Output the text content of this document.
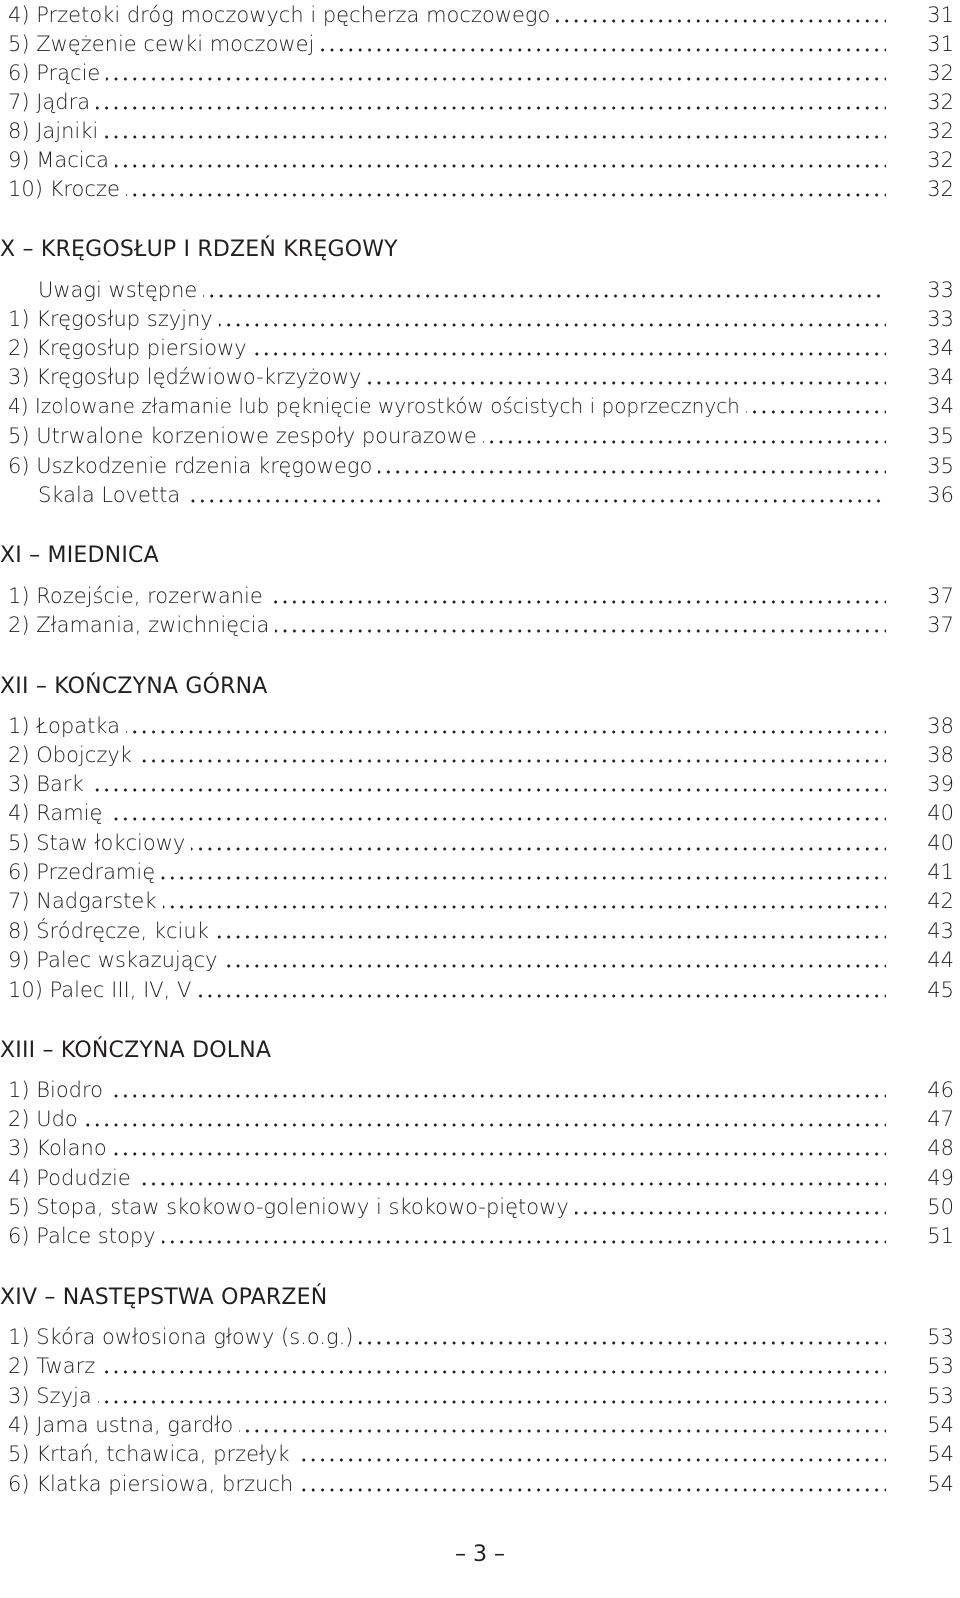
4) Przetoki dróg moczowych i pęcherza moczowego	31
5) Zwężenie cewki moczowej	31
6) Prącie	32
7) Jądra	32
8) Jajniki	32
9) Macica	32
10) Krocze	32
X – KRĘGOSŁUP I RDZEŃ KRĘGOWY
Uwagi wstępne	33
1) Kręgosłup szyjny	33
2) Kręgosłup piersiowy	34
3) Kręgosłup lędźwiowo-krzyżowy	34
4) Izolowane złamanie lub pęknięcie wyrostków ościstych i poprzecznych	34
5) Utrwalone korzeniowe zespoły pourazowe	35
6) Uszkodzenie rdzenia kręgowego	35
Skala Lovetta	36
XI – MIEDNICA
1) Rozejście, rozerwanie	37
2) Złamania, zwichnięcia	37
XII – KOŃCZYNA GÓRNA
1) Łopatka	38
2) Obojczyk	38
3) Bark	39
4) Ramię	40
5) Staw łokciowy	40
6) Przedramię	41
7) Nadgarstek	42
8) Śródręcze, kciuk	43
9) Palec wskazujący	44
10) Palec III, IV, V	45
XIII – KOŃCZYNA DOLNA
1) Biodro	46
2) Udo	47
3) Kolano	48
4) Podudzie	49
5) Stopa, staw skokowo-goleniowy i skokowo-piętowy	50
6) Palce stopy	51
XIV – NASTĘPSTWA OPARZEŃ
1) Skóra owłosiona głowy (s.o.g.)	53
2) Twarz	53
3) Szyja	53
4) Jama ustna, gardło	54
5) Krtań, tchawica, przełyk	54
6) Klatka piersiowa, brzuch	54
– 3 –
